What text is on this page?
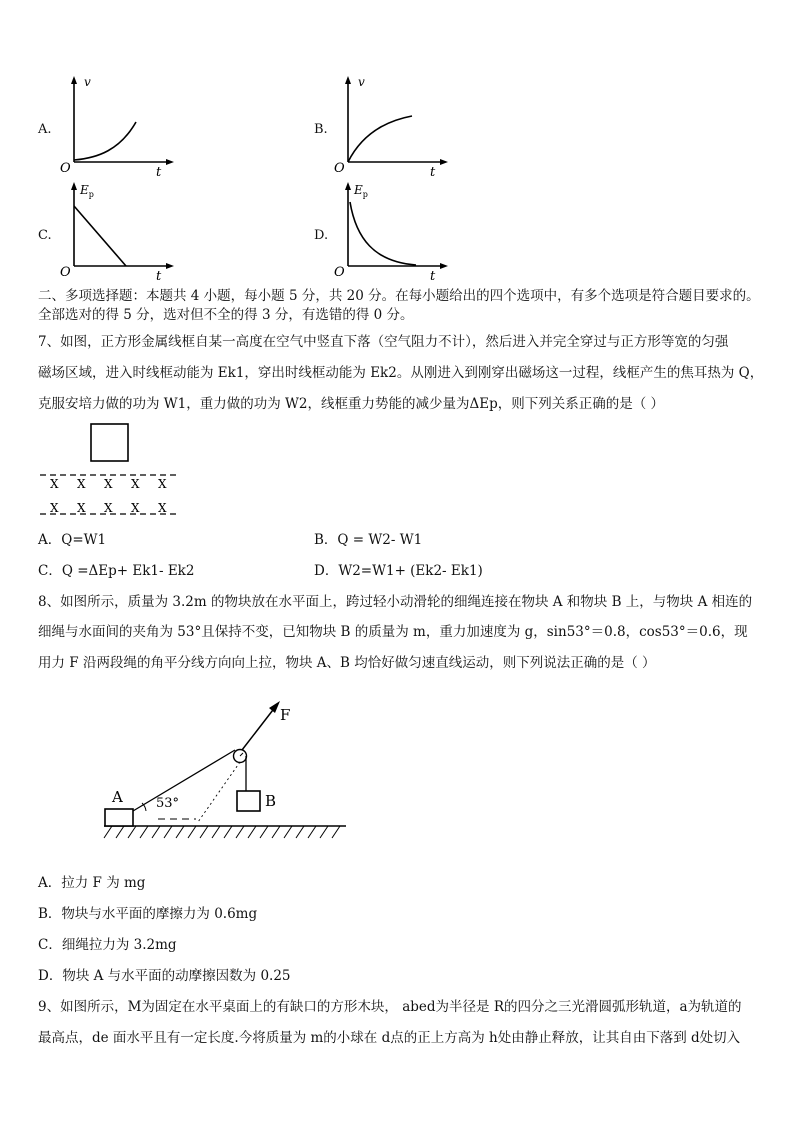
A.
v
O	t
B.
v
O	t
C.
$E_p$
O	t
D.
$E_p$
O	t
二、多项选择题：本题共 4 小题，每小题 5 分，共 20 分。在每小题给出的四个选项中，有多个选项是符合题目要求的。
全部选对的得 5 分，选对但不全的得 3 分，有选错的得 0 分。
7、如图，正方形金属线框自某一高度在空气中竖直下落（空气阻力不计），然后进入并完全穿过与正方形等宽的匀强
磁场区域，进入时线框动能为 Ek1，穿出时线框动能为 Ek2。从刚进入到刚穿出磁场这一过程，线框产生的焦耳热为 Q，
克服安培力做的功为 W1，重力做的功为 W2，线框重力势能的减少量为ΔEp，则下列关系正确的是（ ）
X X X X X
X X X X X
A．Q=W1	B．Q = W2- W1
C．Q =ΔEp+ Ek1- Ek2	D．W2=W1+ (Ek2- Ek1)
8、如图所示，质量为 3.2m 的物块放在水平面上，跨过轻小动滑轮的细绳连接在物块 A 和物块 B 上，与物块 A 相连的
细绳与水面间的夹角为 53°且保持不变，已知物块 B 的质量为 m，重力加速度为 g，sin53°＝0.8，cos53°＝0.6，现
用力 F 沿两段绳的角平分线方向向上拉，物块 A、B 均恰好做匀速直线运动，则下列说法正确的是（ ）
A
F
B
53°
A．拉力 F 为 mg
B．物块与水平面的摩擦力为 0.6mg
C．细绳拉力为 3.2mg
D．物块 A 与水平面的动摩擦因数为 0.25
9、如图所示，M为固定在水平桌面上的有缺口的方形木块， abed为半径是 R的四分之三光滑圆弧形轨道，a为轨道的
最高点，de 面水平且有一定长度.今将质量为 m的小球在 d点的正上方高为 h处由静止释放，让其自由下落到 d处切入
